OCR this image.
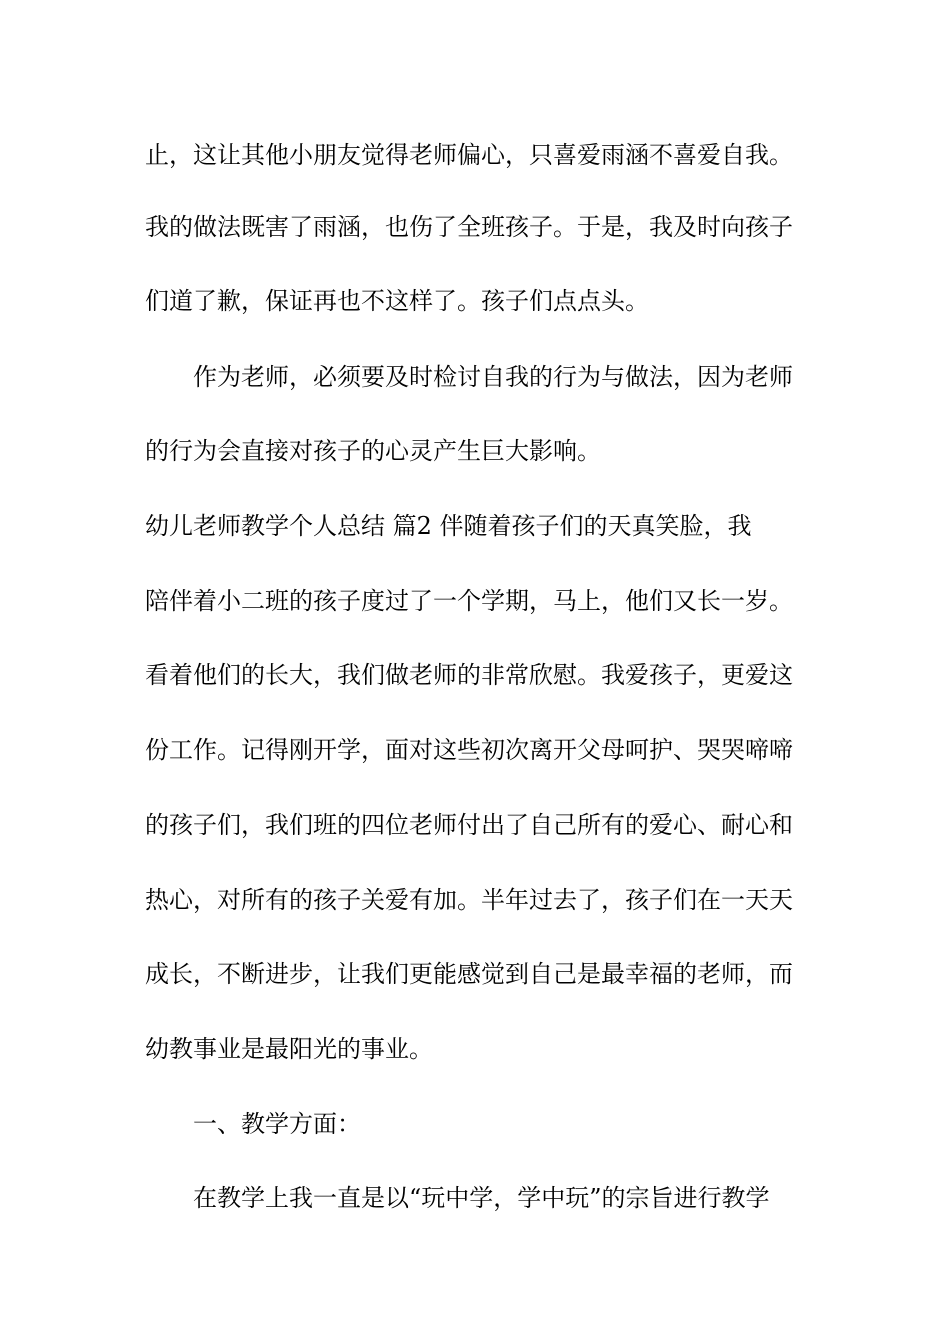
止，这让其他小朋友觉得老师偏心，只喜爱雨涵不喜爱自我。
我的做法既害了雨涵，也伤了全班孩子。于是，我及时向孩子
们道了歉，保证再也不这样了。孩子们点点头。
作为老师，必须要及时检讨自我的行为与做法，因为老师
的行为会直接对孩子的心灵产生巨大影响。
幼儿老师教学个人总结 篇2 伴随着孩子们的天真笑脸，我
陪伴着小二班的孩子度过了一个学期，马上，他们又长一岁。
看着他们的长大，我们做老师的非常欣慰。我爱孩子，更爱这
份工作。记得刚开学，面对这些初次离开父母呵护、哭哭啼啼
的孩子们，我们班的四位老师付出了自己所有的爱心、耐心和
热心，对所有的孩子关爱有加。半年过去了，孩子们在一天天
成长，不断进步，让我们更能感觉到自己是最幸福的老师，而
幼教事业是最阳光的事业。
一、教学方面：
在教学上我一直是以“玩中学，学中玩”的宗旨进行教学
